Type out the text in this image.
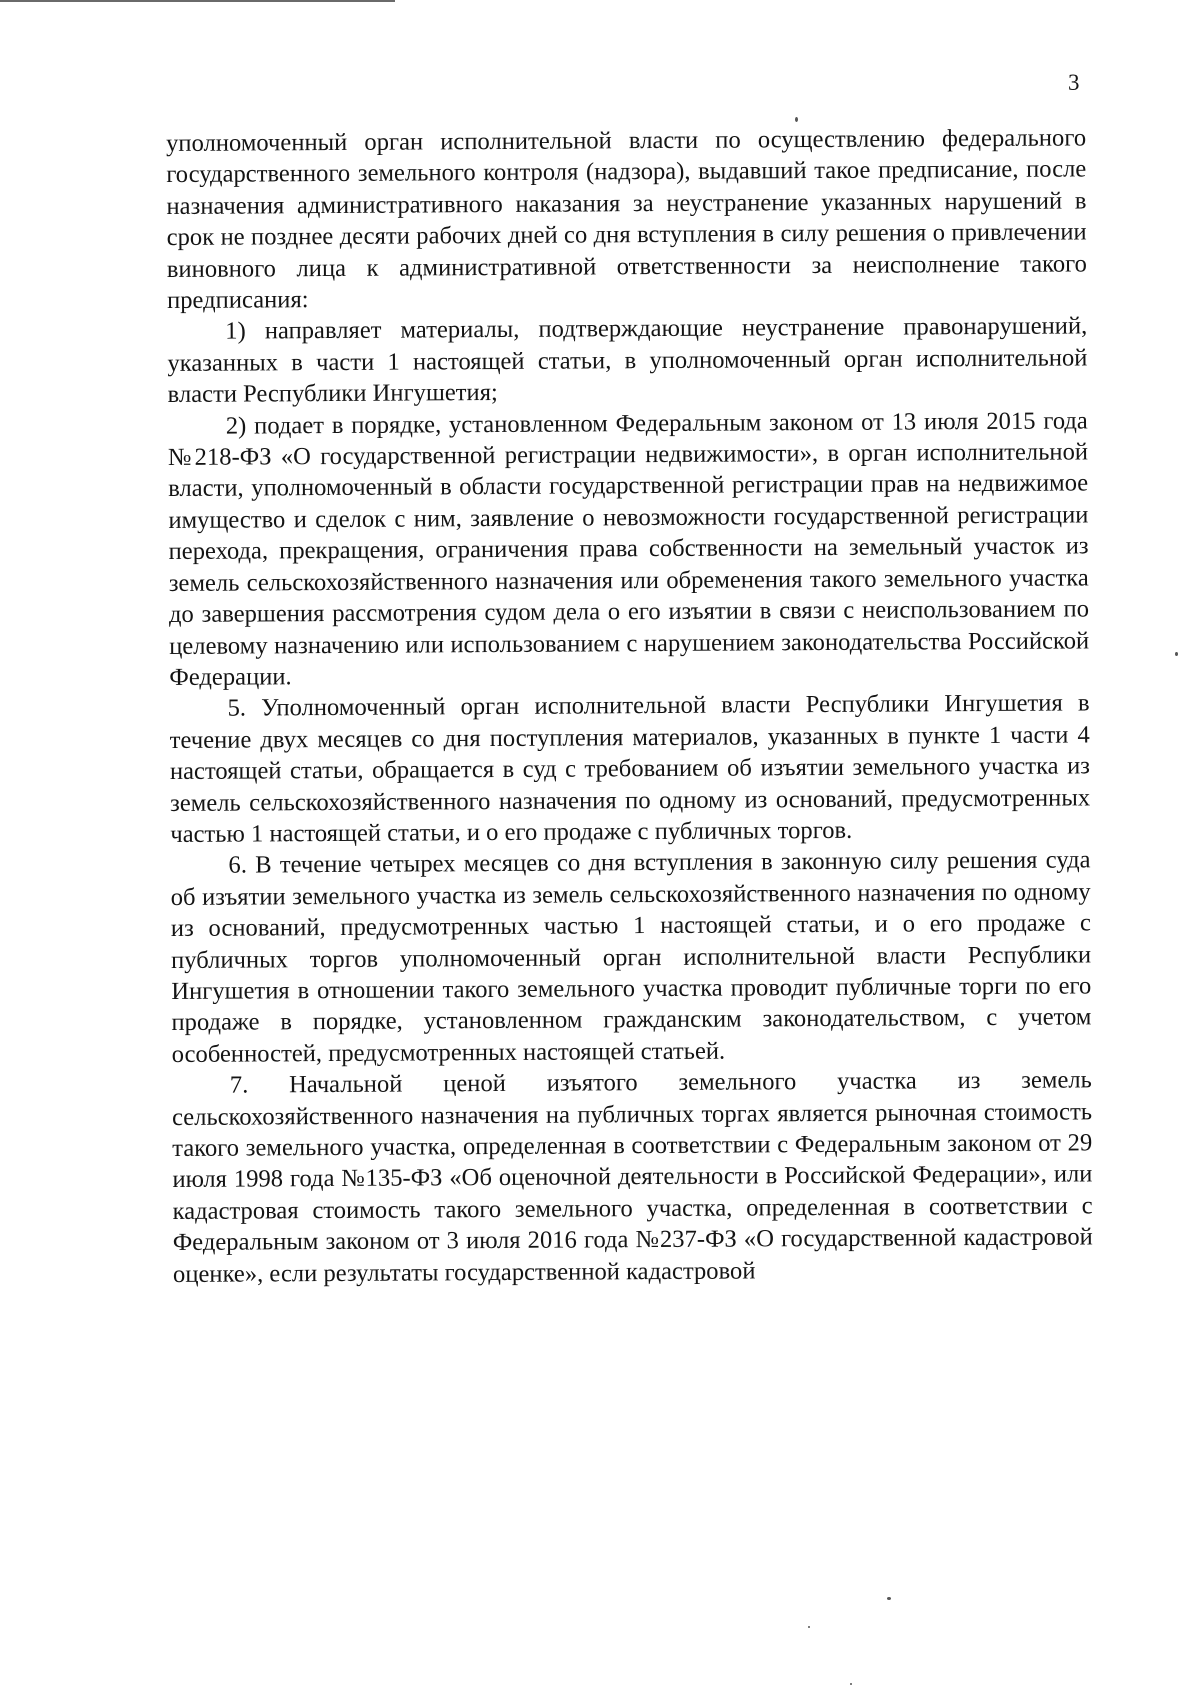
3

уполномоченный орган исполнительной власти по осуществлению федерального государственного земельного контроля (надзора), выдавший такое предписание, после назначения административного наказания за неустранение указанных нарушений в срок не позднее десяти рабочих дней со дня вступления в силу решения о привлечении виновного лица к административной ответственности за неисполнение такого предписания:

1) направляет материалы, подтверждающие неустранение правонарушений, указанных в части 1 настоящей статьи, в уполномоченный орган исполнительной власти Республики Ингушетия;

2) подает в порядке, установленном Федеральным законом от 13 июля 2015 года №218-ФЗ «О государственной регистрации недвижимости», в орган исполнительной власти, уполномоченный в области государственной регистрации прав на недвижимое имущество и сделок с ним, заявление о невозможности государственной регистрации перехода, прекращения, ограничения права собственности на земельный участок из земель сельскохозяйственного назначения или обременения такого земельного участка до завершения рассмотрения судом дела о его изъятии в связи с неиспользованием по целевому назначению или использованием с нарушением законодательства Российской Федерации.

5. Уполномоченный орган исполнительной власти Республики Ингушетия в течение двух месяцев со дня поступления материалов, указанных в пункте 1 части 4 настоящей статьи, обращается в суд с требованием об изъятии земельного участка из земель сельскохозяйственного назначения по одному из оснований, предусмотренных частью 1 настоящей статьи, и о его продаже с публичных торгов.

6. В течение четырех месяцев со дня вступления в законную силу решения суда об изъятии земельного участка из земель сельскохозяйственного назначения по одному из оснований, предусмотренных частью 1 настоящей статьи, и о его продаже с публичных торгов уполномоченный орган исполнительной власти Республики Ингушетия в отношении такого земельного участка проводит публичные торги по его продаже в порядке, установленном гражданским законодательством, с учетом особенностей, предусмотренных настоящей статьей.

7. Начальной ценой изъятого земельного участка из земель сельскохозяйственного назначения на публичных торгах является рыночная стоимость такого земельного участка, определенная в соответствии с Федеральным законом от 29 июля 1998 года №135-ФЗ «Об оценочной деятельности в Российской Федерации», или кадастровая стоимость такого земельного участка, определенная в соответствии с Федеральным законом от 3 июля 2016 года №237-ФЗ «О государственной кадастровой оценке», если результаты государственной кадастровой
